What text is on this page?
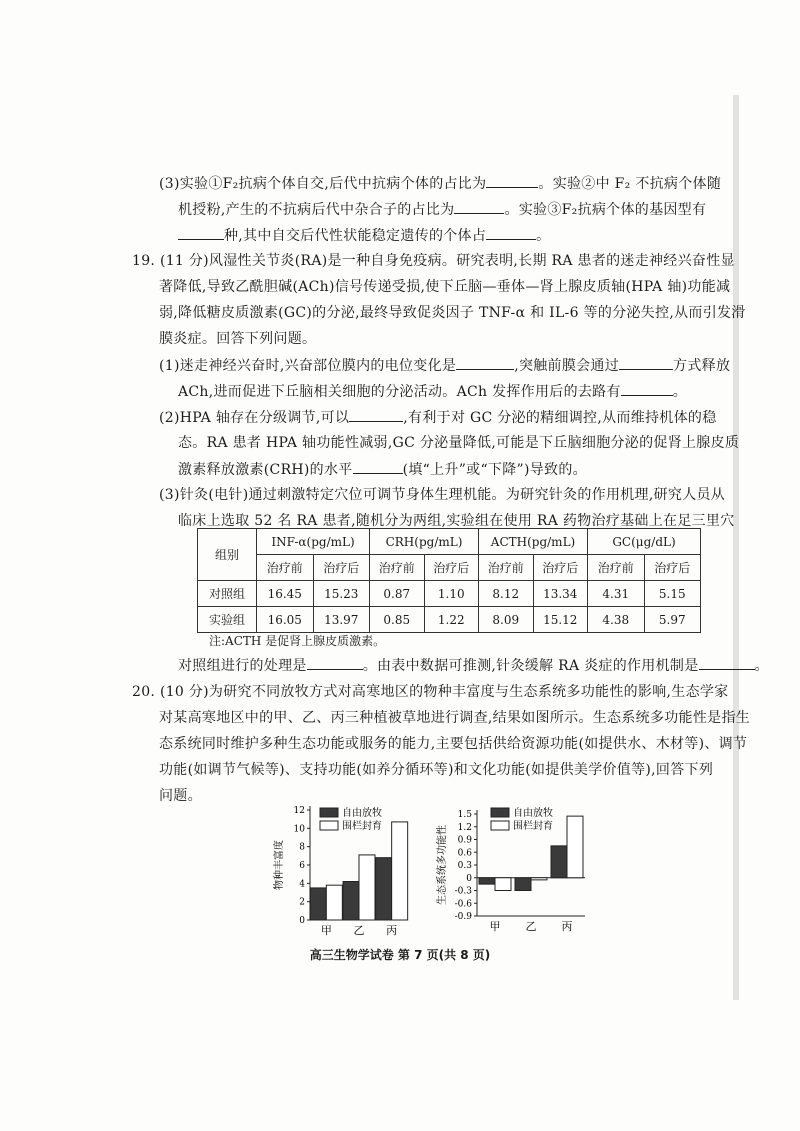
(3)实验①F₂抗病个体自交,后代中抗病个体的占比为	。实验②中 F₂ 不抗病个体随
机授粉,产生的不抗病后代中杂合子的占比为	。实验③F₂抗病个体的基因型有
种,其中自交后代性状能稳定遗传的个体占	。
19. (11 分)风湿性关节炎(RA)是一种自身免疫病。研究表明,长期 RA 患者的迷走神经兴奋性显
著降低,导致乙酰胆碱(ACh)信号传递受损,使下丘脑—垂体—肾上腺皮质轴(HPA 轴)功能减
弱,降低糖皮质激素(GC)的分泌,最终导致促炎因子 TNF-α 和 IL-6 等的分泌失控,从而引发滑
膜炎症。回答下列问题。
(1)迷走神经兴奋时,兴奋部位膜内的电位变化是	,突触前膜会通过	方式释放
ACh,进而促进下丘脑相关细胞的分泌活动。ACh 发挥作用后的去路有	。
(2)HPA 轴存在分级调节,可以	,有利于对 GC 分泌的精细调控,从而维持机体的稳
态。RA 患者 HPA 轴功能性减弱,GC 分泌量降低,可能是下丘脑细胞分泌的促肾上腺皮质
激素释放激素(CRH)的水平	(填“上升”或“下降”)导致的。
(3)针灸(电针)通过刺激特定穴位可调节身体生理机能。为研究针灸的作用机理,研究人员从
临床上选取 52 名 RA 患者,随机分为两组,实验组在使用 RA 药物治疗基础上在足三里穴
组别	INF-α(pg/mL)		CRH(pg/mL)		ACTH(pg/mL)		GC(μg/dL)	
	治疗前	治疗后	治疗前	治疗后	治疗前	治疗后	治疗前	治疗后
对照组	16.45	15.23	0.87	1.10	8.12	13.34	4.31	5.15
实验组	16.05	13.97	0.85	1.22	8.09	15.12	4.38	5.97
注:ACTH 是促肾上腺皮质激素。
对照组进行的处理是	。由表中数据可推测,针灸缓解 RA 炎症的作用机制是	。
20. (10 分)为研究不同放牧方式对高寒地区的物种丰富度与生态系统多功能性的影响,生态学家
对某高寒地区中的甲、乙、丙三种植被草地进行调查,结果如图所示。生态系统多功能性是指生
态系统同时维护多种生态功能或服务的能力,主要包括供给资源功能(如提供水、木材等)、调节
功能(如调节气候等)、支持功能(如养分循环等)和文化功能(如提供美学价值等),回答下列
问题。
0
2
4
6
8
10
12
甲 乙 丙
物种丰富度
自由放牧
围栏封育
1.5
1.2
0.9
0.6
0.3
0
-0.3
-0.6
-0.9
甲 乙 丙
生态系统多功能性
自由放牧
围栏封育
高三生物学试卷 第 7 页(共 8 页)
